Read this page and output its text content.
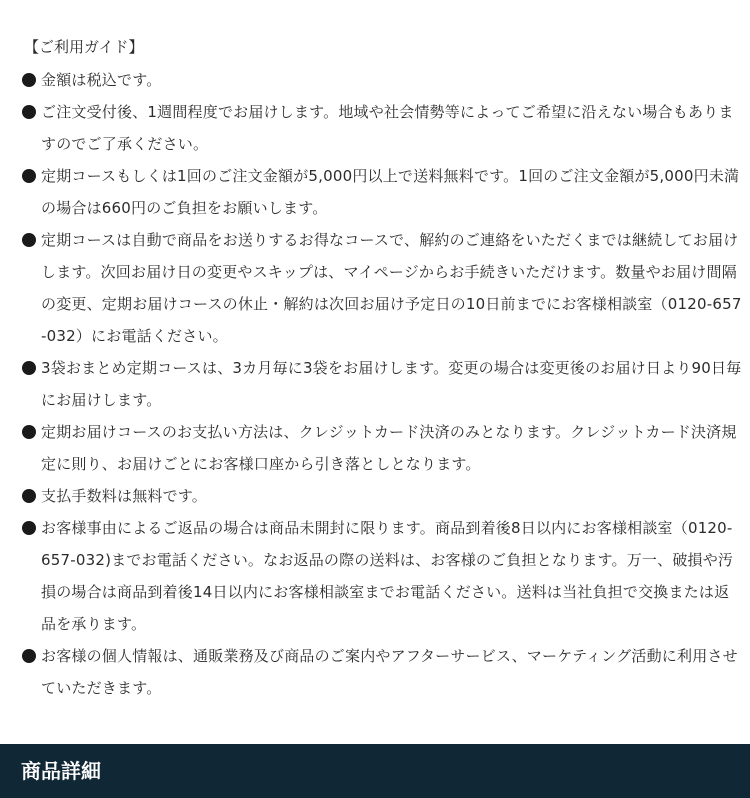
【ご利用ガイド】

金額は税込です。
ご注文受付後、1週間程度でお届けします。地域や社会情勢等によってご希望に沿えない場合もありますのでご了承ください。
定期コースもしくは1回のご注文金額が5,000円以上で送料無料です。1回のご注文金額が5,000円未満の場合は660円のご負担をお願いします。
定期コースは自動で商品をお送りするお得なコースで、解約のご連絡をいただくまでは継続してお届けします。次回お届け日の変更やスキップは、マイページからお手続きいただけます。数量やお届け間隔の変更、定期お届けコースの休止・解約は次回お届け予定日の10日前までにお客様相談室（0120-657-032）にお電話ください。
3袋おまとめ定期コースは、3カ月毎に3袋をお届けします。変更の場合は変更後のお届け日より90日毎にお届けします。
定期お届けコースのお支払い方法は、クレジットカード決済のみとなります。クレジットカード決済規定に則り、お届けごとにお客様口座から引き落としとなります。
支払手数料は無料です。
お客様事由によるご返品の場合は商品未開封に限ります。商品到着後8日以内にお客様相談室（0120-657-032)までお電話ください。なお返品の際の送料は、お客様のご負担となります。万一、破損や汚損の場合は商品到着後14日以内にお客様相談室までお電話ください。送料は当社負担で交換または返品を承ります。
お客様の個人情報は、通販業務及び商品のご案内やアフターサービス、マーケティング活動に利用させていただきます。
商品詳細
